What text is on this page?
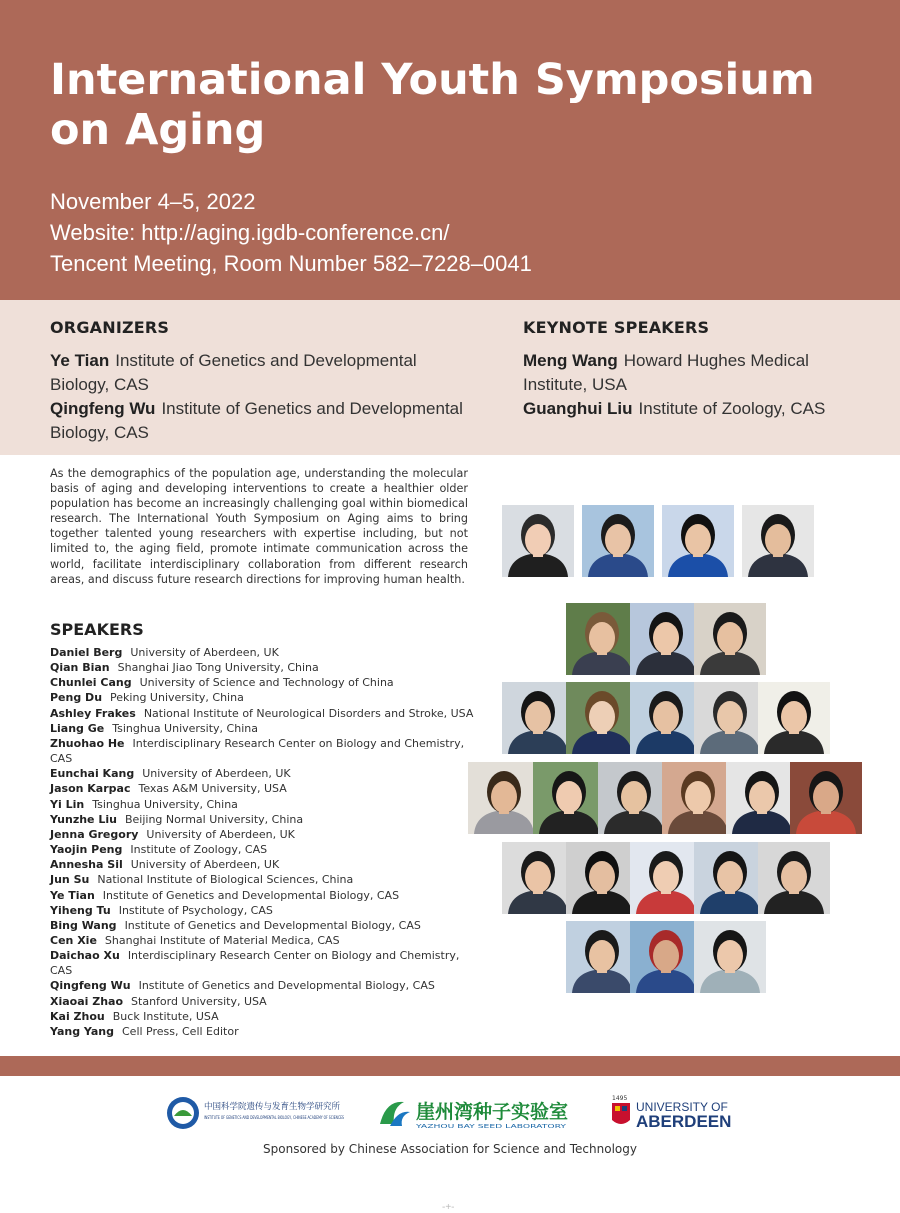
International Youth Symposium on Aging
November 4–5, 2022
Website: http://aging.igdb-conference.cn/
Tencent Meeting, Room Number 582–7228–0041
ORGANIZERS
Ye Tian Institute of Genetics and Developmental Biology, CAS
Qingfeng Wu Institute of Genetics and Developmental Biology, CAS
KEYNOTE SPEAKERS
Meng Wang Howard Hughes Medical Institute, USA
Guanghui Liu Institute of Zoology, CAS

As the demographics of the population age, understanding the molecular basis of aging and developing interventions to create a healthier older population has become an increasingly challenging goal within biomedical research. The International Youth Symposium on Aging aims to bring together talented young researchers with expertise including, but not limited to, the aging field, promote intimate communication across the world, facilitate interdisciplinary collaboration from different research areas, and discuss future research directions for improving human health.

SPEAKERS
Daniel Berg University of Aberdeen, UK
Qian Bian Shanghai Jiao Tong University, China
Chunlei Cang University of Science and Technology of China
Peng Du Peking University, China
Ashley Frakes National Institute of Neurological Disorders and Stroke, USA
Liang Ge Tsinghua University, China
Zhuohao He Interdisciplinary Research Center on Biology and Chemistry, CAS
Eunchai Kang University of Aberdeen, UK
Jason Karpac Texas A&M University, USA
Yi Lin Tsinghua University, China
Yunzhe Liu Beijing Normal University, China
Jenna Gregory University of Aberdeen, UK
Yaojin Peng Institute of Zoology, CAS
Annesha Sil University of Aberdeen, UK
Jun Su National Institute of Biological Sciences, China
Ye Tian Institute of Genetics and Developmental Biology, CAS
Yiheng Tu Institute of Psychology, CAS
Bing Wang Institute of Genetics and Developmental Biology, CAS
Cen Xie Shanghai Institute of Material Medica, CAS
Daichao Xu Interdisciplinary Research Center on Biology and Chemistry, CAS
Qingfeng Wu Institute of Genetics and Developmental Biology, CAS
Xiaoai Zhao Stanford University, USA
Kai Zhou Buck Institute, USA
Yang Yang Cell Press, Cell Editor
中国科学院遗传与发育生物学研究所
INSTITUTE OF GENETICS AND DEVELOPMENTAL BIOLOGY, CHINESE ACADEMY OF SCIENCES	崖州湾种子实验室
YAZHOU BAY SEED LABORATORY
1495
UNIVERSITY OF
ABERDEEN
Sponsored by Chinese Association for Science and Technology
-+-
